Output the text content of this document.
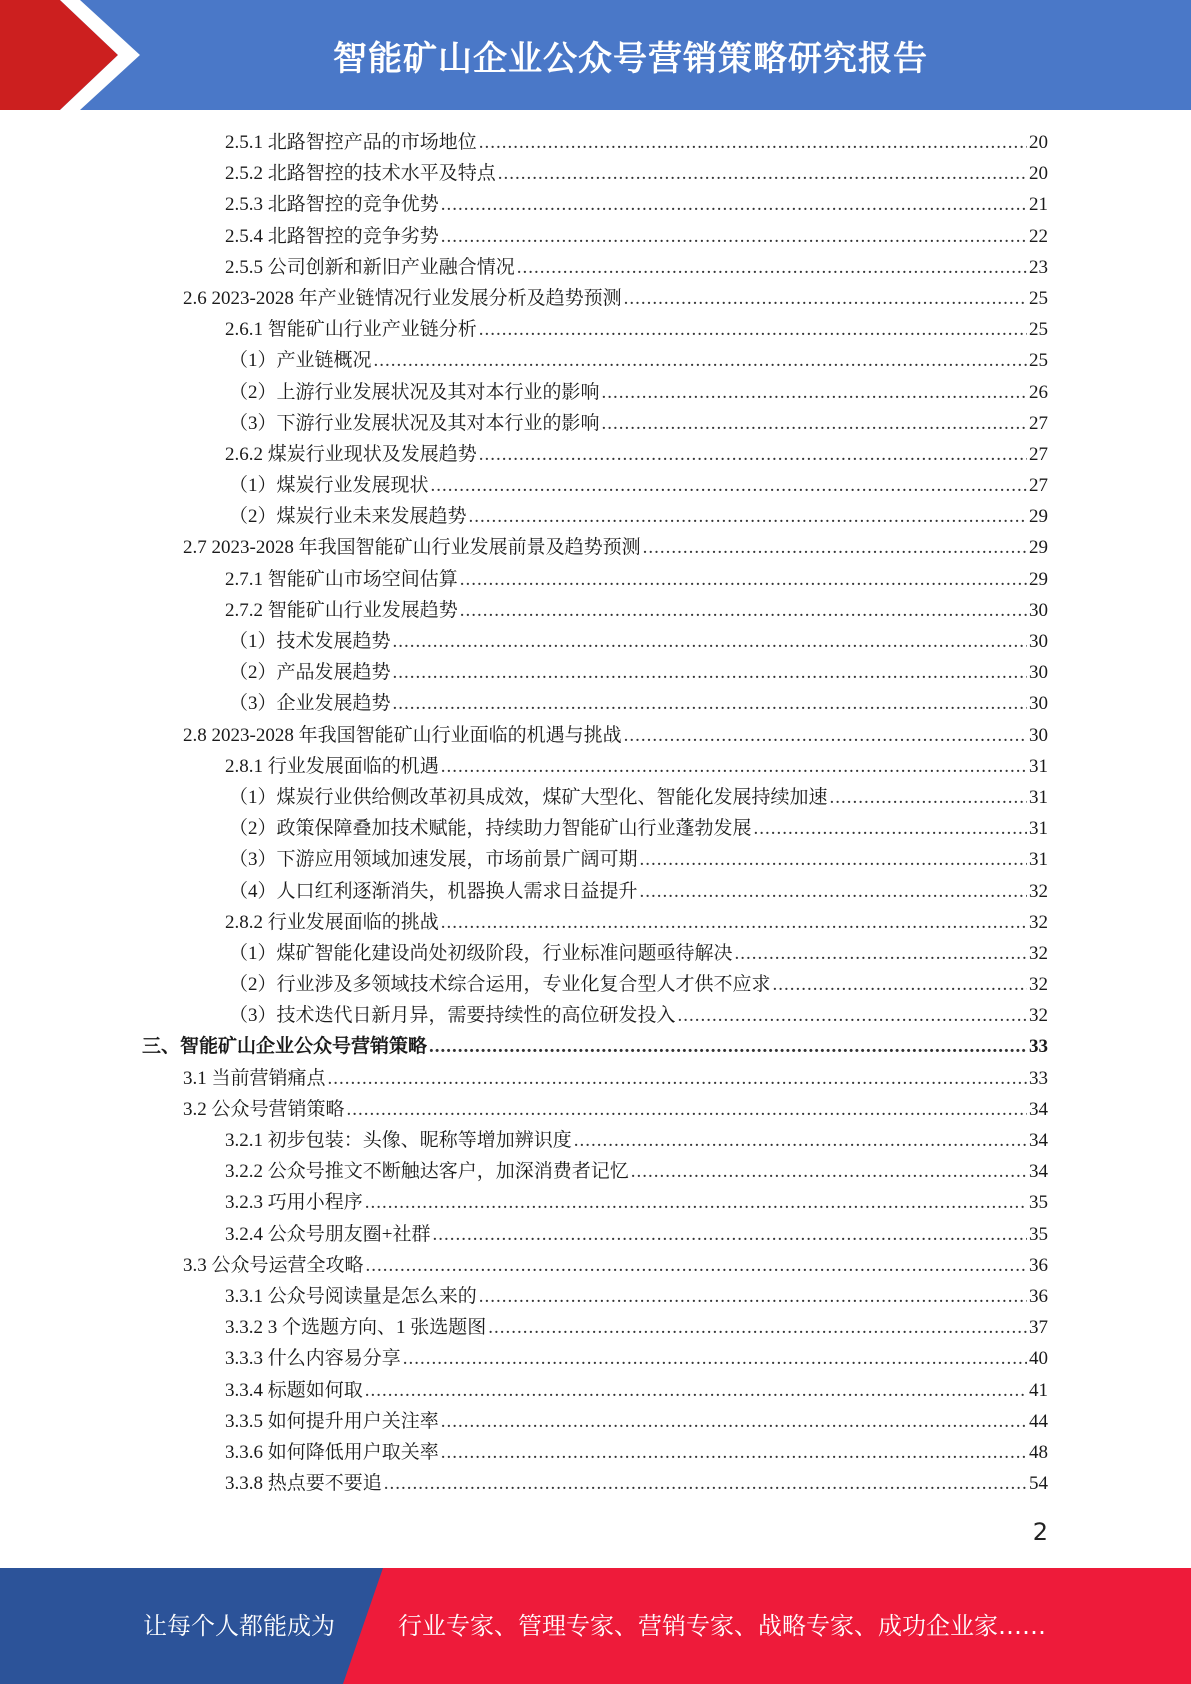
智能矿山企业公众号营销策略研究报告
2.5.1 北路智控产品的市场地位 .....	20
2.5.2 北路智控的技术水平及特点 .....	20
2.5.3 北路智控的竞争优势 .....	21
2.5.4 北路智控的竞争劣势 .....	22
2.5.5 公司创新和新旧产业融合情况 .....	23
2.6 2023-2028 年产业链情况行业发展分析及趋势预测 .....	25
2.6.1 智能矿山行业产业链分析 .....	25
（1）产业链概况 .....	25
（2）上游行业发展状况及其对本行业的影响 .....	26
（3）下游行业发展状况及其对本行业的影响 .....	27
2.6.2 煤炭行业现状及发展趋势 .....	27
（1）煤炭行业发展现状 .....	27
（2）煤炭行业未来发展趋势 .....	29
2.7 2023-2028 年我国智能矿山行业发展前景及趋势预测 .....	29
2.7.1 智能矿山市场空间估算 .....	29
2.7.2 智能矿山行业发展趋势 .....	30
（1）技术发展趋势 .....	30
（2）产品发展趋势 .....	30
（3）企业发展趋势 .....	30
2.8 2023-2028 年我国智能矿山行业面临的机遇与挑战 .....	30
2.8.1 行业发展面临的机遇 .....	31
（1）煤炭行业供给侧改革初具成效，煤矿大型化、智能化发展持续加速 .....	31
（2）政策保障叠加技术赋能，持续助力智能矿山行业蓬勃发展 .....	31
（3）下游应用领域加速发展，市场前景广阔可期 .....	31
（4）人口红利逐渐消失，机器换人需求日益提升 .....	32
2.8.2 行业发展面临的挑战 .....	32
（1）煤矿智能化建设尚处初级阶段，行业标准问题亟待解决 .....	32
（2）行业涉及多领域技术综合运用，专业化复合型人才供不应求 .....	32
（3）技术迭代日新月异，需要持续性的高位研发投入 .....	32
三、智能矿山企业公众号营销策略 .....	33
3.1 当前营销痛点 .....	33
3.2 公众号营销策略 .....	34
3.2.1 初步包装：头像、昵称等增加辨识度 .....	34
3.2.2 公众号推文不断触达客户，加深消费者记忆 .....	34
3.2.3 巧用小程序 .....	35
3.2.4 公众号朋友圈+社群 .....	35
3.3 公众号运营全攻略 .....	36
3.3.1 公众号阅读量是怎么来的 .....	36
3.3.2 3 个选题方向、1 张选题图 .....	37
3.3.3 什么内容易分享 .....	40
3.3.4 标题如何取 .....	41
3.3.5 如何提升用户关注率 .....	44
3.3.6 如何降低用户取关率 .....	48
3.3.8 热点要不要追 .....	54
2
让每个人都能成为	行业专家、管理专家、营销专家、战略专家、成功企业家……
